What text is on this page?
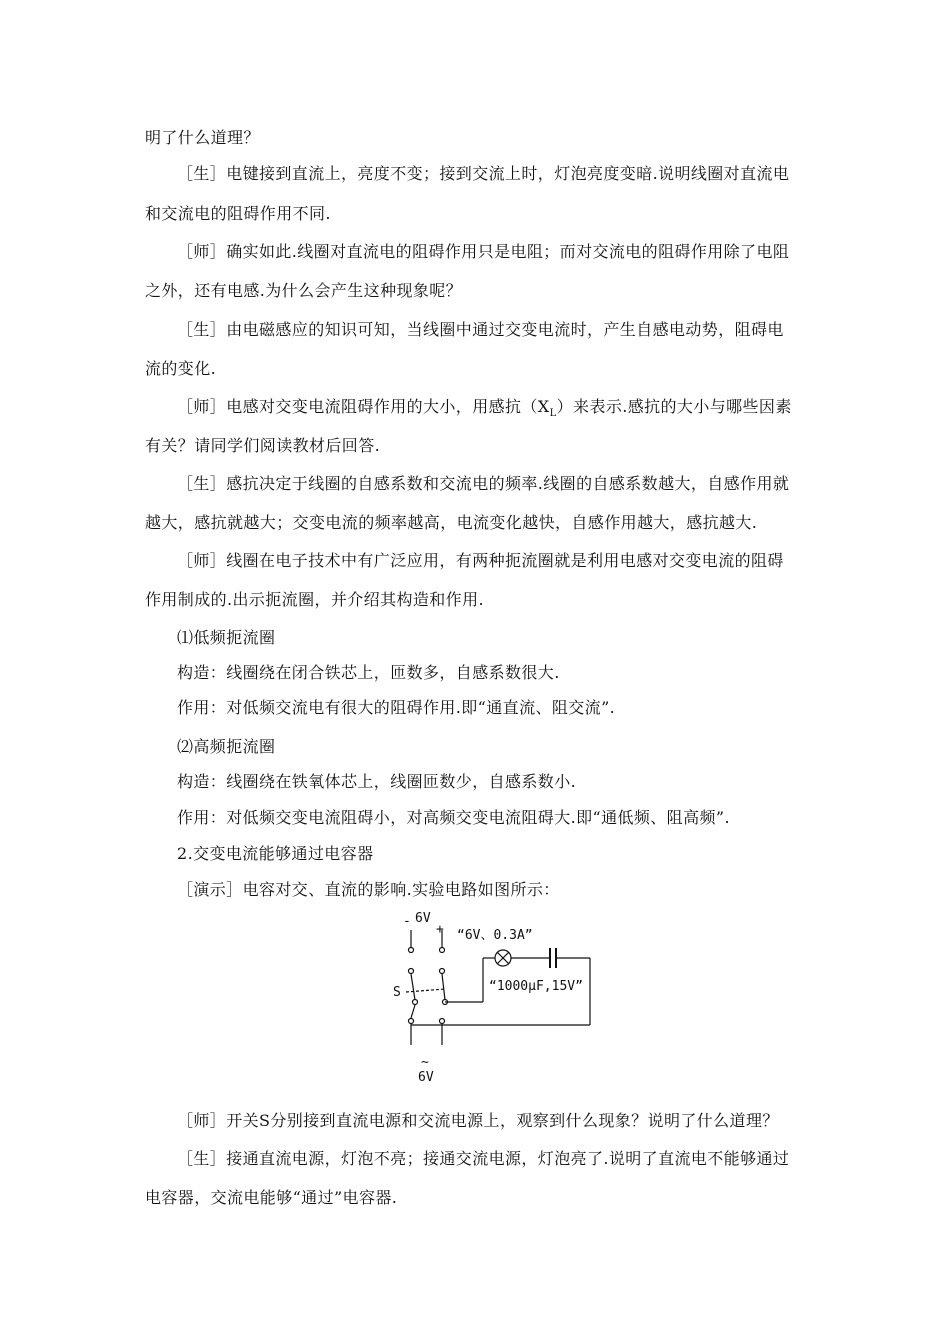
明了什么道理？
［生］电键接到直流上，亮度不变；接到交流上时，灯泡亮度变暗.说明线圈对直流电
和交流电的阻碍作用不同.
［师］确实如此.线圈对直流电的阻碍作用只是电阻；而对交流电的阻碍作用除了电阻
之外，还有电感.为什么会产生这种现象呢？
［生］由电磁感应的知识可知，当线圈中通过交变电流时，产生自感电动势，阻碍电
流的变化.
［师］电感对交变电流阻碍作用的大小，用感抗$(X_L)$来表示.感抗的大小与哪些因素
有关？请同学们阅读教材后回答.
［生］感抗决定于线圈的自感系数和交流电的频率.线圈的自感系数越大，自感作用就
越大，感抗就越大；交变电流的频率越高，电流变化越快，自感作用越大，感抗越大.
［师］线圈在电子技术中有广泛应用，有两种扼流圈就是利用电感对交变电流的阻碍
作用制成的.出示扼流圈，并介绍其构造和作用.
⑴低频扼流圈
构造：线圈绕在闭合铁芯上，匝数多，自感系数很大.
作用：对低频交流电有很大的阻碍作用.即“通直流、阻交流”.
⑵高频扼流圈
构造：线圈绕在铁氧体芯上，线圈匝数少，自感系数小.
作用：对低频交变电流阻碍小，对高频交变电流阻碍大.即“通低频、阻高频”.
2.交变电流能够通过电容器
［演示］电容对交、直流的影响.实验电路如图所示：
- 6V
+ “6V、0.3A”
“1000μF,15V”
S
~
6V
［师］开关S分别接到直流电源和交流电源上，观察到什么现象？说明了什么道理？
［生］接通直流电源，灯泡不亮；接通交流电源，灯泡亮了.说明了直流电不能够通过
电容器，交流电能够“通过”电容器.
